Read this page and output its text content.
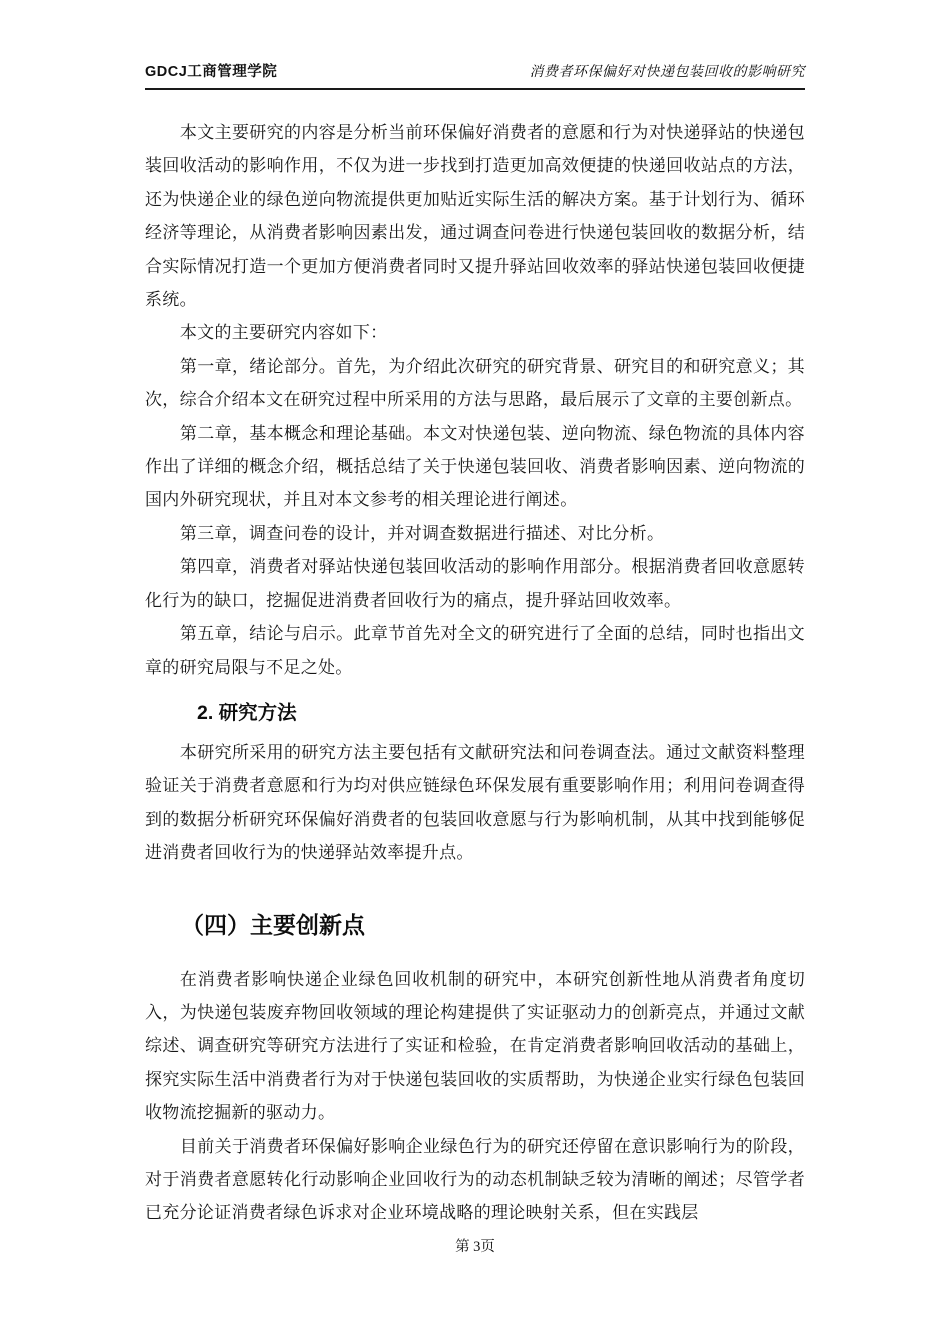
GDCJ工商管理学院	消费者环保偏好对快递包装回收的影响研究

本文主要研究的内容是分析当前环保偏好消费者的意愿和行为对快递驿站的快递包装回收活动的影响作用，不仅为进一步找到打造更加高效便捷的快递回收站点的方法，还为快递企业的绿色逆向物流提供更加贴近实际生活的解决方案。基于计划行为、循环经济等理论，从消费者影响因素出发，通过调查问卷进行快递包装回收的数据分析，结合实际情况打造一个更加方便消费者同时又提升驿站回收效率的驿站快递包装回收便捷系统。

本文的主要研究内容如下：

第一章，绪论部分。首先，为介绍此次研究的研究背景、研究目的和研究意义；其次，综合介绍本文在研究过程中所采用的方法与思路，最后展示了文章的主要创新点。

第二章，基本概念和理论基础。本文对快递包装、逆向物流、绿色物流的具体内容作出了详细的概念介绍，概括总结了关于快递包装回收、消费者影响因素、逆向物流的国内外研究现状，并且对本文参考的相关理论进行阐述。

第三章，调查问卷的设计，并对调查数据进行描述、对比分析。

第四章，消费者对驿站快递包装回收活动的影响作用部分。根据消费者回收意愿转化行为的缺口，挖掘促进消费者回收行为的痛点，提升驿站回收效率。

第五章，结论与启示。此章节首先对全文的研究进行了全面的总结，同时也指出文章的研究局限与不足之处。

2. 研究方法

本研究所采用的研究方法主要包括有文献研究法和问卷调查法。通过文献资料整理验证关于消费者意愿和行为均对供应链绿色环保发展有重要影响作用；利用问卷调查得到的数据分析研究环保偏好消费者的包装回收意愿与行为影响机制，从其中找到能够促进消费者回收行为的快递驿站效率提升点。

（四）主要创新点

在消费者影响快递企业绿色回收机制的研究中，本研究创新性地从消费者角度切入，为快递包装废弃物回收领域的理论构建提供了实证驱动力的创新亮点，并通过文献综述、调查研究等研究方法进行了实证和检验，在肯定消费者影响回收活动的基础上，探究实际生活中消费者行为对于快递包装回收的实质帮助，为快递企业实行绿色包装回收物流挖掘新的驱动力。

目前关于消费者环保偏好影响企业绿色行为的研究还停留在意识影响行为的阶段，对于消费者意愿转化行动影响企业回收行为的动态机制缺乏较为清晰的阐述；尽管学者已充分论证消费者绿色诉求对企业环境战略的理论映射关系，但在实践层

第 3页
